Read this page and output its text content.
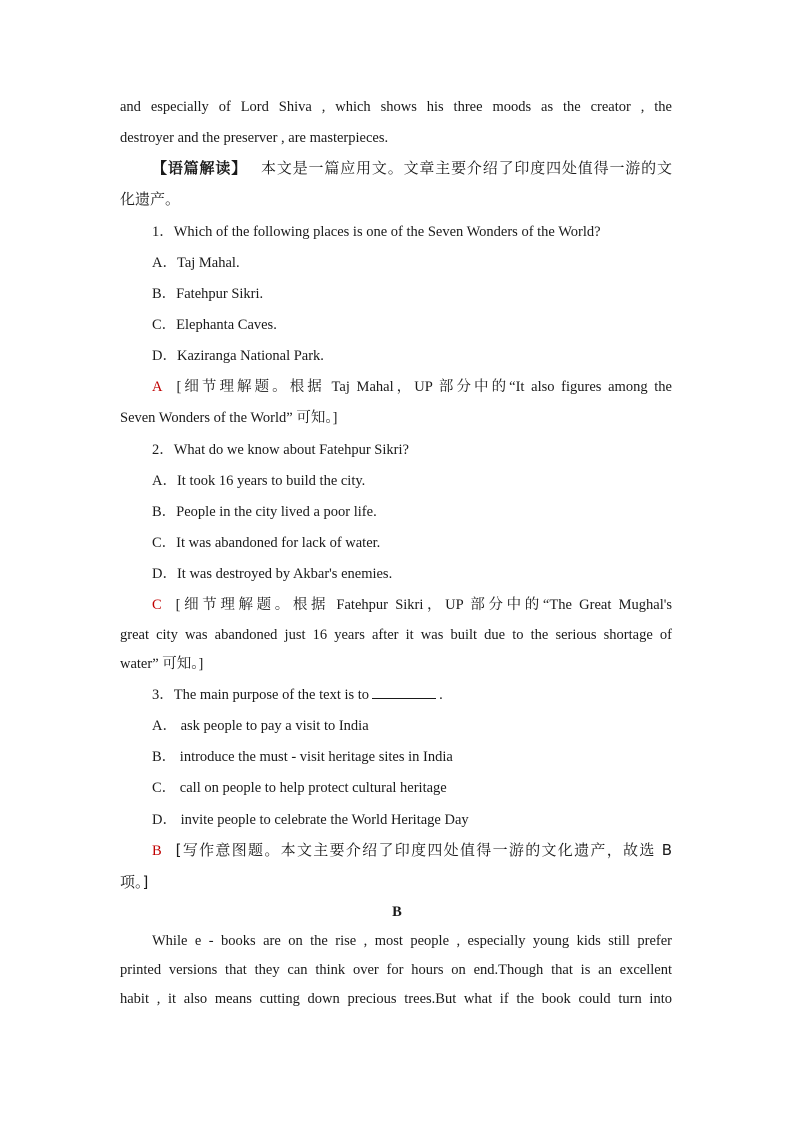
and especially of Lord Shiva , which shows his three moods as the creator , the
destroyer and the preserver , are masterpieces.
【语篇解读】 本文是一篇应用文。文章主要介绍了印度四处值得一游的文
化遗产。
1．Which of the following places is one of the Seven Wonders of the World?
A．Taj Mahal.
B．Fatehpur Sikri.
C．Elephanta Caves.
D．Kaziranga National Park.
A [细节理解题。根据 Taj Mahal，UP 部分中的“It also figures among the
Seven Wonders of the World” 可知。]
2．What do we know about Fatehpur Sikri?
A．It took 16 years to build the city.
B．People in the city lived a poor life.
C．It was abandoned for lack of water.
D．It was destroyed by Akbar's enemies.
C [细节理解题。根据 Fatehpur Sikri，UP 部分中的“The Great Mughal's
great city was abandoned just 16 years after it was built due to the serious shortage of
water” 可知。]
3．The main purpose of the text is to	.
A． ask people to pay a visit to India
B． introduce the must - visit heritage sites in India
C． call on people to help protect cultural heritage
D． invite people to celebrate the World Heritage Day
B [写作意图题。本文主要介绍了印度四处值得一游的文化遗产，故选 B
项。]
B
While e - books are on the rise , most people , especially young kids still prefer
printed versions that they can think over for hours on end.Though that is an excellent
habit , it also means cutting down precious trees.But what if the book could turn into
